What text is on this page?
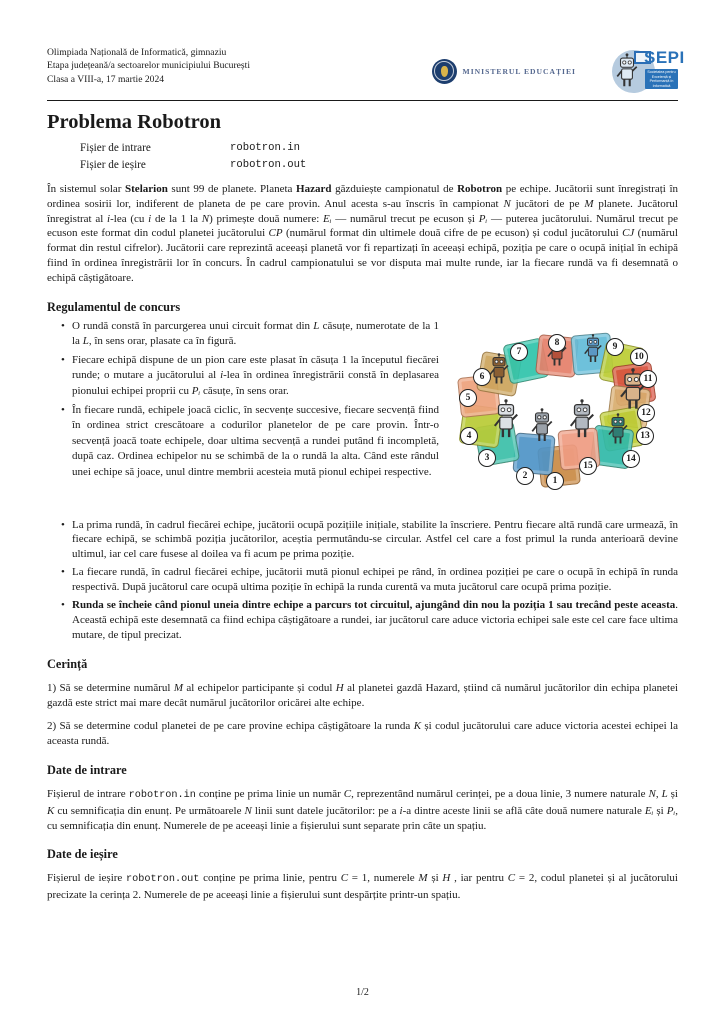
Olimpiada Națională de Informatică, gimnaziu
Etapa județeană/a sectoarelor municipiului București
Clasa a VIII-a, 17 martie 2024
MINISTERUL EDUCAȚIEI
SEPI
Societatea pentru Excelență și Performanță în Informatică
Problema Robotron
Fișier de intrare	robotron.in
Fișier de ieșire	robotron.out

În sistemul solar Stelarion sunt 99 de planete. Planeta Hazard găzduiește campionatul de Robotron pe echipe. Jucătorii sunt înregistrați în ordinea sosirii lor, indiferent de planeta de pe care provin. Anul acesta s-au înscris în campionat N jucători de pe M planete. Jucătorul înregistrat al i-lea (cu i de la 1 la N) primește două numere: Eᵢ — numărul trecut pe ecuson și Pᵢ — puterea jucătorului. Numărul trecut pe ecuson este format din codul planetei jucătorului CP (numărul format din ultimele două cifre de pe ecuson) și codul jucătorului CJ (numărul format din restul cifrelor). Jucătorii care reprezintă aceeași planetă vor fi repartizați în aceeași echipă, poziția pe care o ocupă inițial în echipă fiind în ordinea înregistrării lor în concurs. În cadrul campionatului se vor disputa mai multe runde, iar la fiecare rundă va fi desemnată o echipă câștigătoare.

Regulamentul de concurs
• O rundă constă în parcurgerea unui circuit format din L căsuțe, numerotate de la 1 la L, în sens orar, plasate ca în figură.
• Fiecare echipă dispune de un pion care este plasat în căsuța 1 la începutul fiecărei runde; o mutare a jucătorului al i-lea în ordinea înregistrării constă în deplasarea pionului echipei proprii cu Pᵢ căsuțe, în sens orar.
• În fiecare rundă, echipele joacă ciclic, în secvențe succesive, fiecare secvență fiind în ordinea strict crescătoare a codurilor planetelor de pe care provin. Într-o secvență joacă toate echipele, doar ultima secvență a rundei putând fi incompletă, după caz. Ordinea echipelor nu se schimbă de la o rundă la alta. Când este rândul unei echipe să joace, unul dintre membrii acesteia mută pionul echipei respective.
1
2
3
4
5
6
7
8	9
10
11
12
13
14
15
• La prima rundă, în cadrul fiecărei echipe, jucătorii ocupă pozițiile inițiale, stabilite la înscriere. Pentru fiecare altă rundă care urmează, în fiecare echipă, se schimbă poziția jucătorilor, aceștia permutându-se circular. Astfel cel care a fost primul la runda anterioară devine ultimul, iar cel care fusese al doilea va fi acum pe prima poziție.
• La fiecare rundă, în cadrul fiecărei echipe, jucătorii mută pionul echipei pe rând, în ordinea poziției pe care o ocupă în echipă în runda respectivă. După jucătorul care ocupă ultima poziție în echipă la runda curentă va muta jucătorul care ocupă prima poziție.
• Runda se încheie când pionul uneia dintre echipe a parcurs tot circuitul, ajungând din nou la poziția 1 sau trecând peste aceasta. Această echipă este desemnată ca fiind echipa câștigătoare a rundei, iar jucătorul care aduce victoria echipei sale este cel care face ultima mutare, de tipul precizat.
Cerință

1) Să se determine numărul M al echipelor participante și codul H al planetei gazdă Hazard, știind că numărul jucătorilor din echipa planetei gazdă este strict mai mare decât numărul jucătorilor oricărei alte echipe.

2) Să se determine codul planetei de pe care provine echipa câștigătoare la runda K și codul jucătorului care aduce victoria acestei echipei la aceasta rundă.

Date de intrare

Fișierul de intrare robotron.in conține pe prima linie un număr C, reprezentând numărul cerinței, pe a doua linie, 3 numere naturale N, L și K cu semnificația din enunț. Pe următoarele N linii sunt datele jucătorilor: pe a i-a dintre aceste linii se află câte două numere naturale Eᵢ și Pᵢ, cu semnificația din enunț. Numerele de pe aceeași linie a fișierului sunt separate prin câte un spațiu.

Date de ieșire

Fișierul de ieșire robotron.out conține pe prima linie, pentru C = 1, numerele M și H , iar pentru C = 2, codul planetei și al jucătorului precizate la cerința 2. Numerele de pe aceeași linie a fișierului sunt despărțite printr-un spațiu.

1/2
